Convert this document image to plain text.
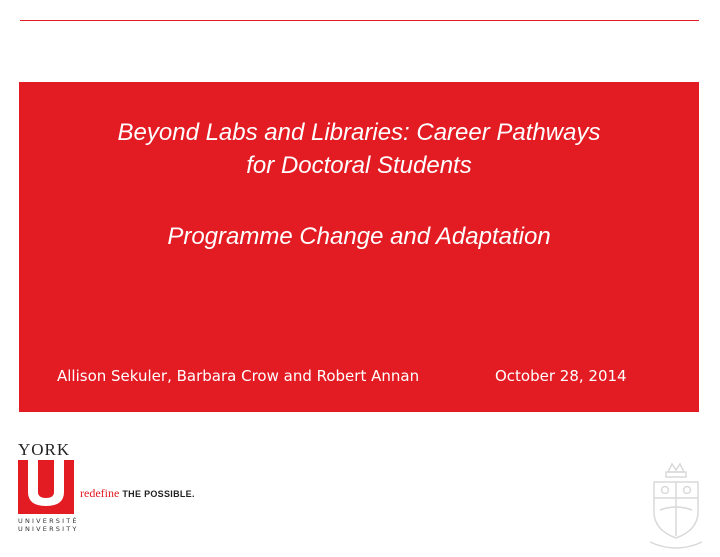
Beyond Labs and Libraries: Career Pathways
for Doctoral Students
Programme Change and Adaptation
Allison Sekuler, Barbara Crow and Robert Annan	October 28, 2014
YORK
redefine THE POSSIBLE.
UNIVERSITÉ
UNIVERSITY
